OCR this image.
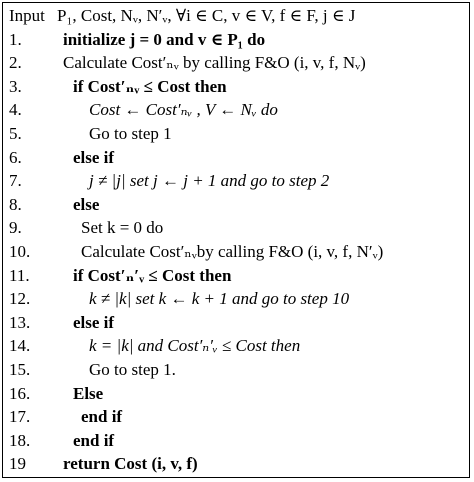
Input P₁, Cost, Nᵥ, N′ᵥ, ∀i ∈ C, v ∈ V, f ∈ F, j ∈ J
1. initialize j = 0 and v ∈ P₁ do
2. Calculate Cost′ₙᵥ by calling F&O (i, v, f, Nᵥ)
3.	if Cost′ₙᵥ ≤ Cost then
4.	Cost ← Cost′ₙᵥ , V ← Nᵥ do
5.	Go to step 1
6.	else if
7.	j ≠ |j| set j ← j + 1 and go to step 2
8.	else
9.	Set k = 0 do
10.	Calculate Cost′ₙᵥby calling F&O (i, v, f, N′ᵥ)
11.	if Cost′ₙ′ᵥ ≤ Cost then
12.	k ≠ |k| set k ← k + 1 and go to step 10
13.	else if
14.	k = |k| and Cost′ₙ′ᵥ ≤ Cost then
15.	Go to step 1.
16.	Else
17.	end if
18.	end if
19 return Cost (i, v, f)
